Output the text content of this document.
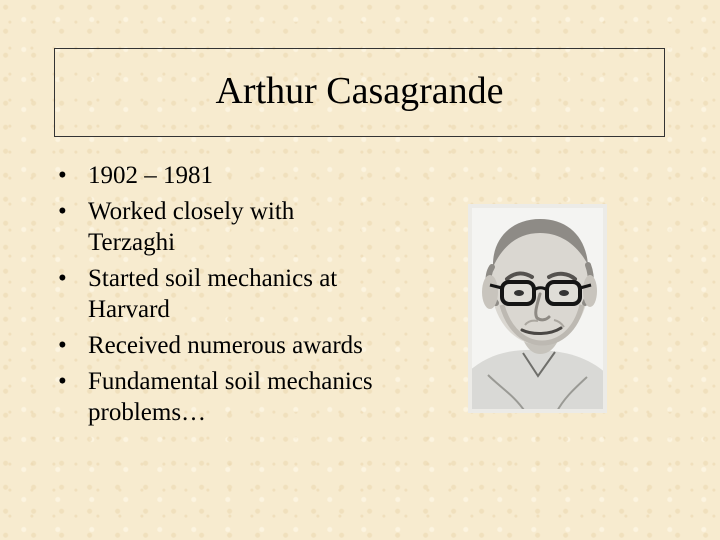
Arthur Casagrande
• 1902 – 1981
• Worked closely with Terzaghi
• Started soil mechanics at Harvard
• Received numerous awards
• Fundamental soil mechanics problems…
